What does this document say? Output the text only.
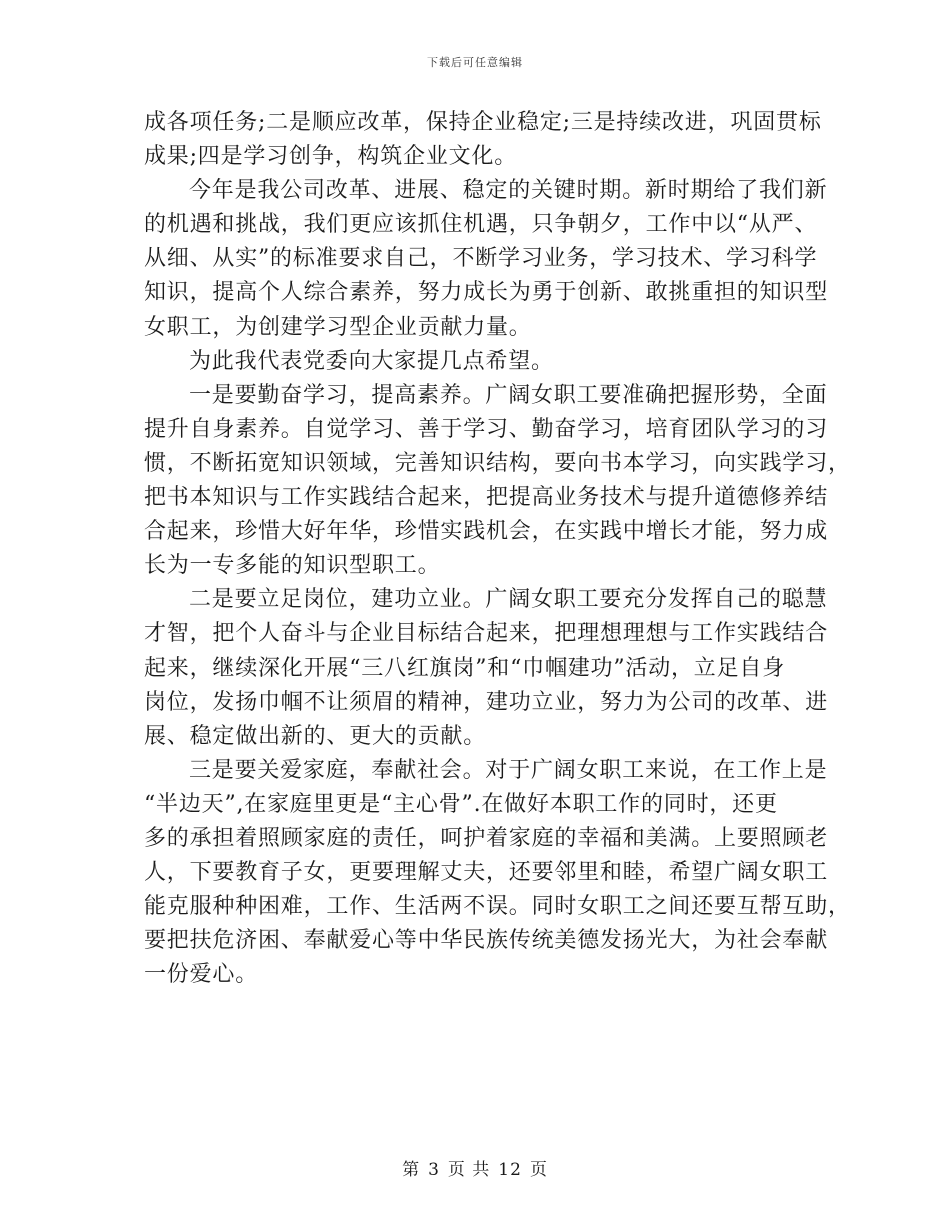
下载后可任意编辑

成各项任务;二是顺应改革，保持企业稳定;三是持续改进，巩固贯标
成果;四是学习创争，构筑企业文化。

今年是我公司改革、进展、稳定的关键时期。新时期给了我们新
的机遇和挑战，我们更应该抓住机遇，只争朝夕，工作中以“从严、
从细、从实”的标准要求自己，不断学习业务，学习技术、学习科学
知识，提高个人综合素养，努力成长为勇于创新、敢挑重担的知识型
女职工，为创建学习型企业贡献力量。

为此我代表党委向大家提几点希望。

一是要勤奋学习，提高素养。广阔女职工要准确把握形势，全面
提升自身素养。自觉学习、善于学习、勤奋学习，培育团队学习的习
惯，不断拓宽知识领域，完善知识结构，要向书本学习，向实践学习，
把书本知识与工作实践结合起来，把提高业务技术与提升道德修养结
合起来，珍惜大好年华，珍惜实践机会，在实践中增长才能，努力成
长为一专多能的知识型职工。

二是要立足岗位，建功立业。广阔女职工要充分发挥自己的聪慧
才智，把个人奋斗与企业目标结合起来，把理想理想与工作实践结合
起来，继续深化开展“三八红旗岗”和“巾帼建功”活动，立足自身
岗位，发扬巾帼不让须眉的精神，建功立业，努力为公司的改革、进
展、稳定做出新的、更大的贡献。

三是要关爱家庭，奉献社会。对于广阔女职工来说，在工作上是
“半边天”,在家庭里更是“主心骨”.在做好本职工作的同时，还更
多的承担着照顾家庭的责任，呵护着家庭的幸福和美满。上要照顾老
人，下要教育子女，更要理解丈夫，还要邻里和睦，希望广阔女职工
能克服种种困难，工作、生活两不误。同时女职工之间还要互帮互助，
要把扶危济困、奉献爱心等中华民族传统美德发扬光大，为社会奉献
一份爱心。

第 3 页 共 12 页
